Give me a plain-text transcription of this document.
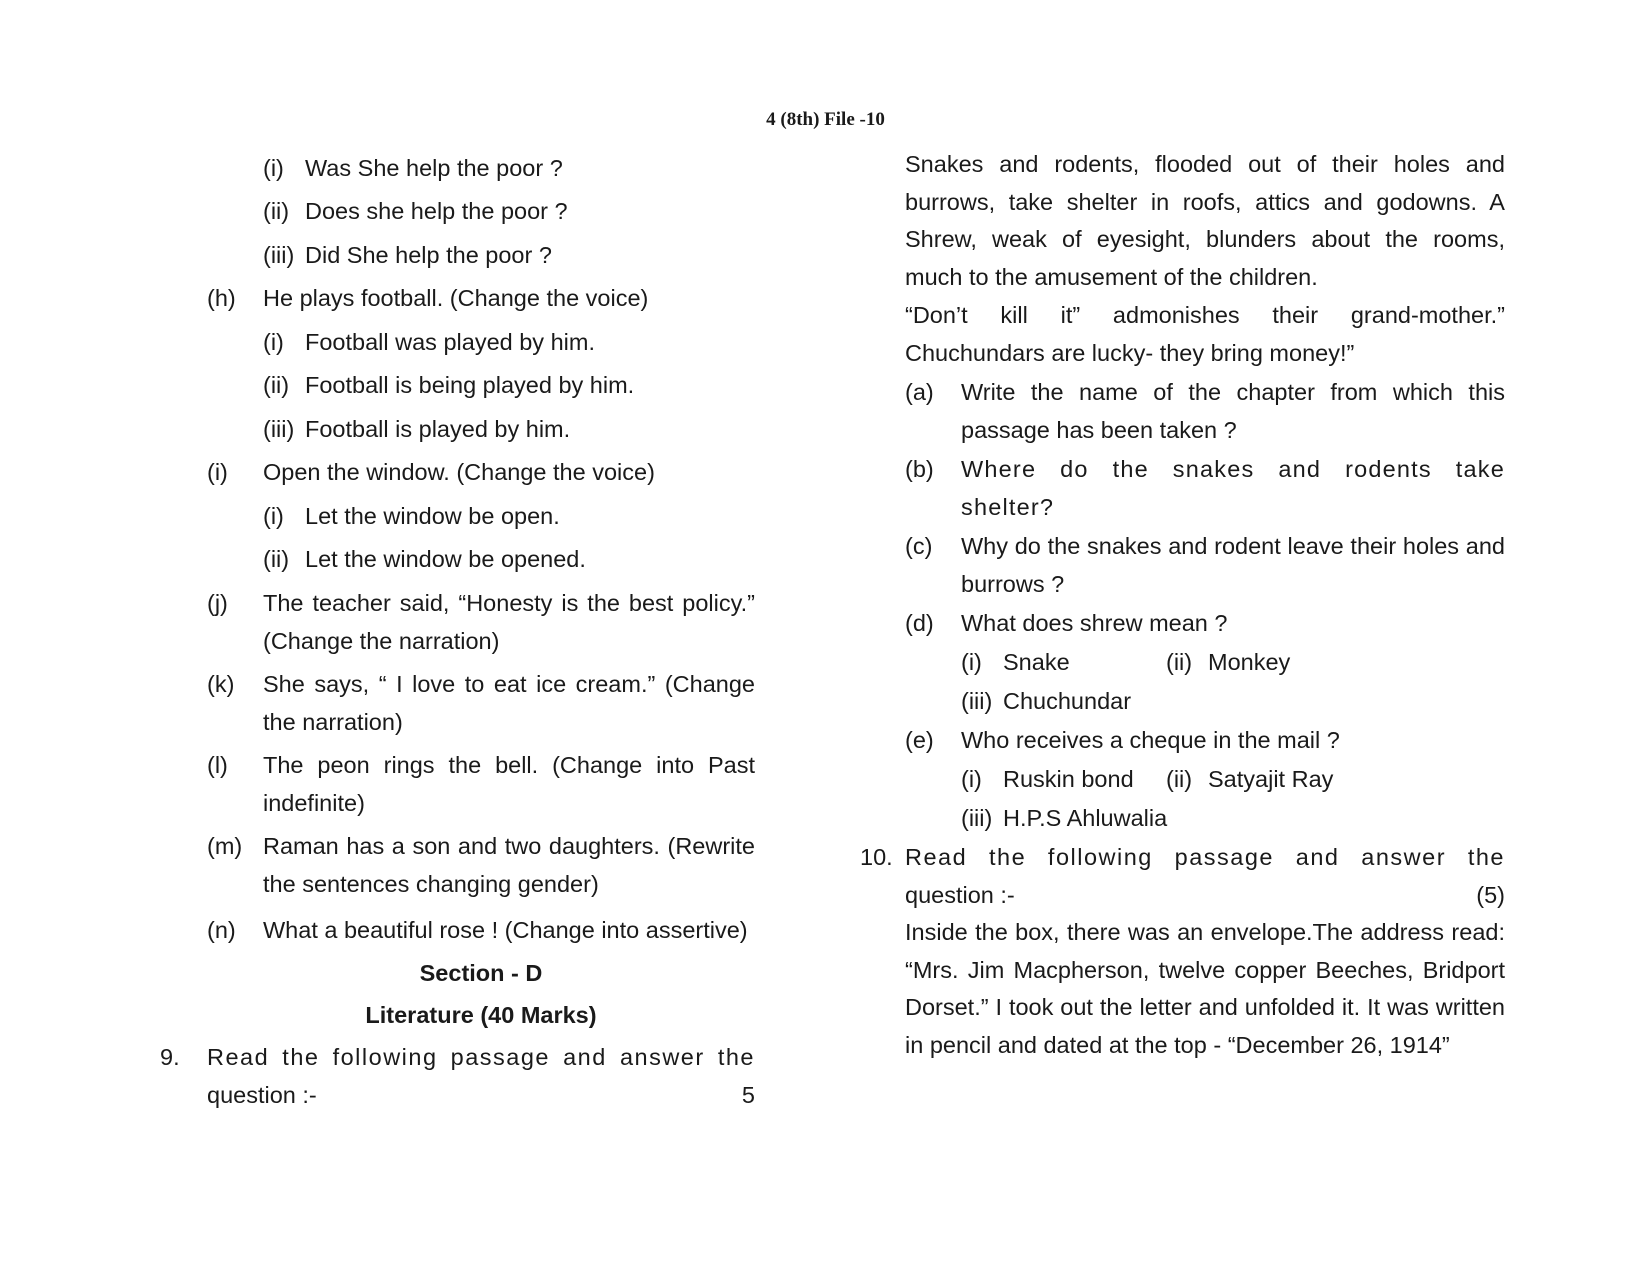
4 (8th) File -10
(i) Was She help the poor ?
(ii) Does she help the poor ?
(iii) Did She help the poor ?
(h)	He plays football. (Change the voice)
(i) Football was played by him.
(ii) Football is being played by him.
(iii) Football is played by him.
(i)	Open the window. (Change the voice)
(i) Let the window be open.
(ii) Let the window be opened.
(j)	The teacher said, “Honesty is the best policy.” (Change the narration)
(k)	She says, “ I love to eat ice cream.” (Change the narration)
(l)	The peon rings the bell. (Change into Past indefinite)
(m) Raman has a son and two daughters. (Rewrite the sentences changing gender)
(n)	What a beautiful rose ! (Change into assertive)
Section - D
Literature (40 Marks)
9.	Read the following passage and answer the
question :-	5

Snakes and rodents, flooded out of their holes and burrows, take shelter in roofs, attics and godowns. A Shrew, weak of eyesight, blunders about the rooms, much to the amusement of the children.

“Don’t kill it” admonishes their grand-mother.” Chuchundars are lucky- they bring money!”

(a)	Write the name of the chapter from which this passage has been taken ?
(b)	Where do the snakes and rodents take shelter?
(c)	Why do the snakes and rodent leave their holes and burrows ?
(d)	What does shrew mean ?
(i) Snake	(ii) Monkey
(iii) Chuchundar
(e)	Who receives a cheque in the mail ?
(i) Ruskin bond (ii) Satyajit Ray
(iii) H.P.S Ahluwalia
10. Read the following passage and answer the
question :-	(5)

Inside the box, there was an envelope.The address read: “Mrs. Jim Macpherson, twelve copper Beeches, Bridport Dorset.” I took out the letter and unfolded it. It was written in pencil and dated at the top - “December 26, 1914”
